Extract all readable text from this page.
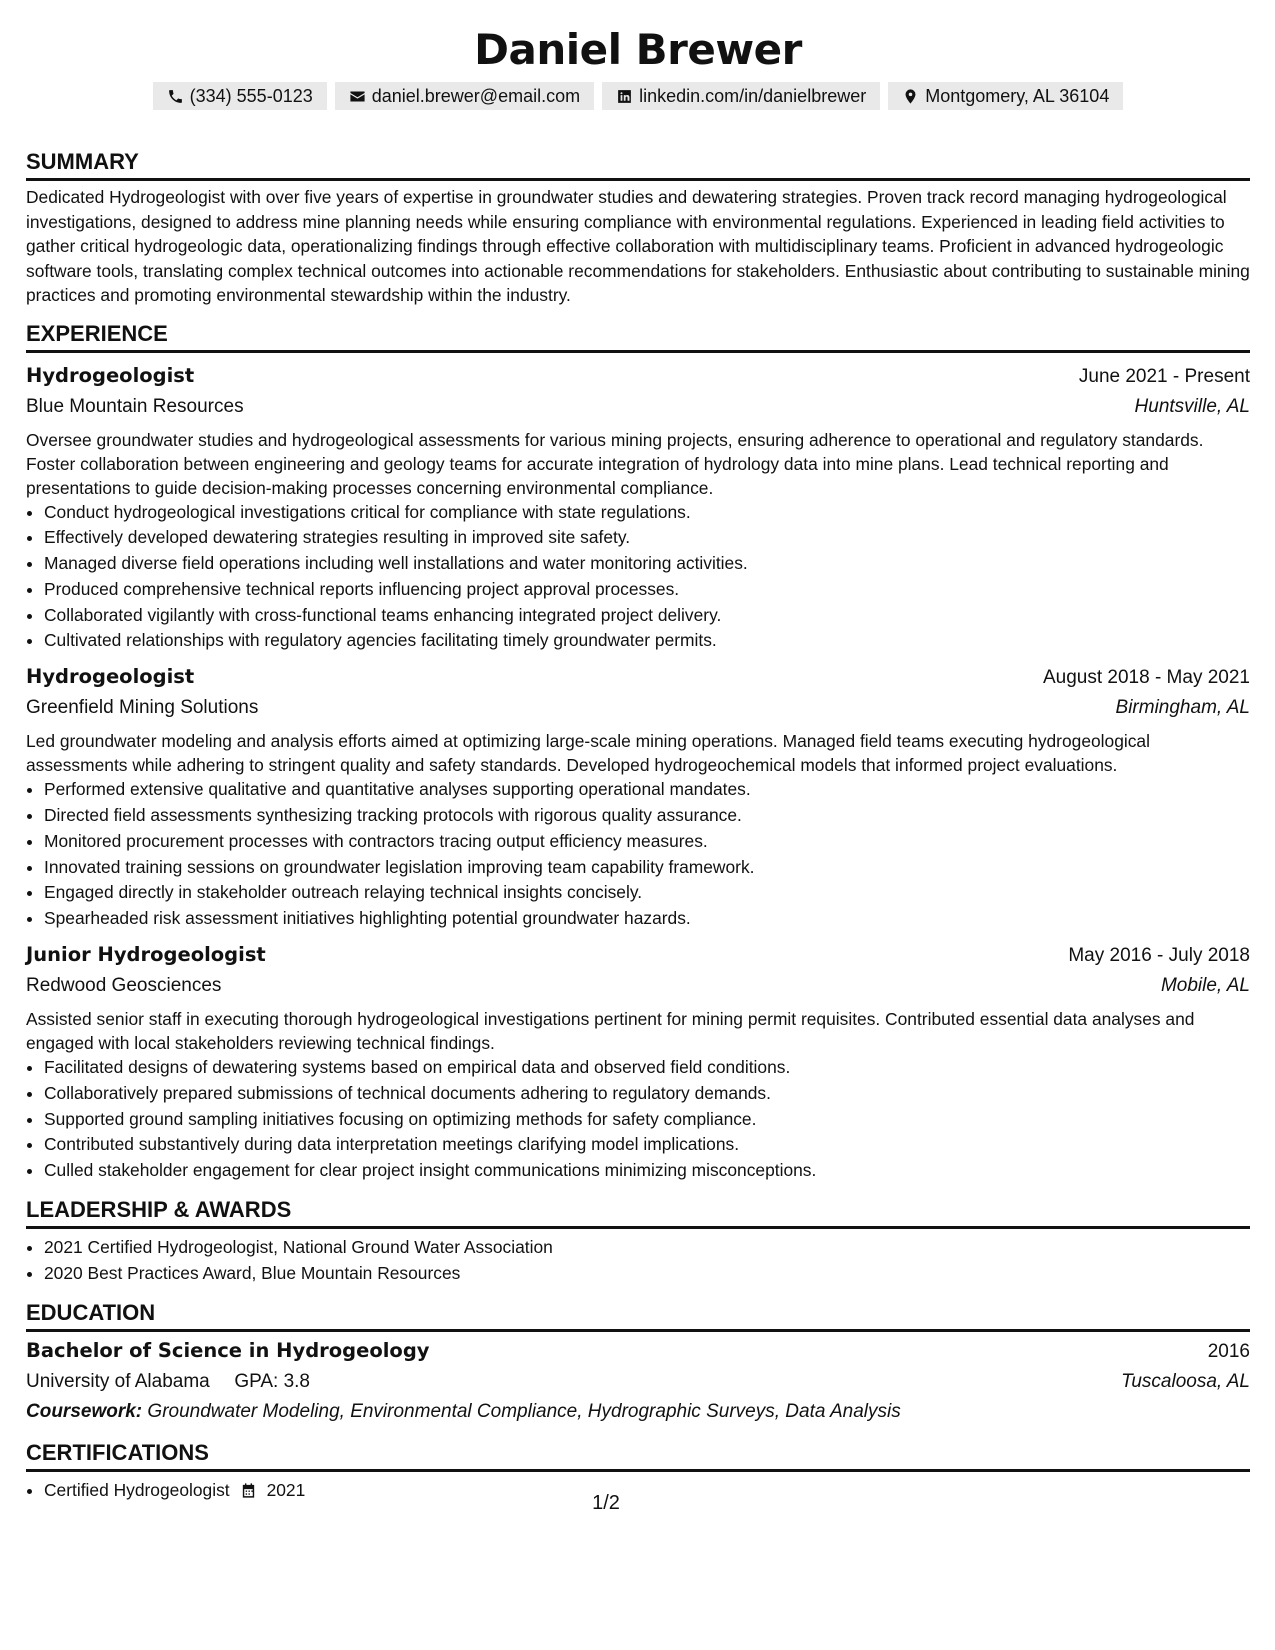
Daniel Brewer
(334) 555-0123	daniel.brewer@email.com	linkedin.com/in/danielbrewer	Montgomery, AL 36104
SUMMARY

Dedicated Hydrogeologist with over five years of expertise in groundwater studies and dewatering strategies. Proven track record managing hydrogeological investigations, designed to address mine planning needs while ensuring compliance with environmental regulations. Experienced in leading field activities to gather critical hydrogeologic data, operationalizing findings through effective collaboration with multidisciplinary teams. Proficient in advanced hydrogeologic software tools, translating complex technical outcomes into actionable recommendations for stakeholders. Enthusiastic about contributing to sustainable mining practices and promoting environmental stewardship within the industry.

EXPERIENCE
Hydrogeologist	June 2021 - Present
Blue Mountain Resources	Huntsville, AL

Oversee groundwater studies and hydrogeological assessments for various mining projects, ensuring adherence to operational and regulatory standards. Foster collaboration between engineering and geology teams for accurate integration of hydrology data into mine plans. Lead technical reporting and presentations to guide decision-making processes concerning environmental compliance.

• Conduct hydrogeological investigations critical for compliance with state regulations.
• Effectively developed dewatering strategies resulting in improved site safety.
• Managed diverse field operations including well installations and water monitoring activities.
• Produced comprehensive technical reports influencing project approval processes.
• Collaborated vigilantly with cross-functional teams enhancing integrated project delivery.
• Cultivated relationships with regulatory agencies facilitating timely groundwater permits.
Hydrogeologist	August 2018 - May 2021
Greenfield Mining Solutions	Birmingham, AL

Led groundwater modeling and analysis efforts aimed at optimizing large-scale mining operations. Managed field teams executing hydrogeological assessments while adhering to stringent quality and safety standards. Developed hydrogeochemical models that informed project evaluations.

• Performed extensive qualitative and quantitative analyses supporting operational mandates.
• Directed field assessments synthesizing tracking protocols with rigorous quality assurance.
• Monitored procurement processes with contractors tracing output efficiency measures.
• Innovated training sessions on groundwater legislation improving team capability framework.
• Engaged directly in stakeholder outreach relaying technical insights concisely.
• Spearheaded risk assessment initiatives highlighting potential groundwater hazards.
Junior Hydrogeologist	May 2016 - July 2018
Redwood Geosciences	Mobile, AL

Assisted senior staff in executing thorough hydrogeological investigations pertinent for mining permit requisites. Contributed essential data analyses and engaged with local stakeholders reviewing technical findings.

• Facilitated designs of dewatering systems based on empirical data and observed field conditions.
• Collaboratively prepared submissions of technical documents adhering to regulatory demands.
• Supported ground sampling initiatives focusing on optimizing methods for safety compliance.
• Contributed substantively during data interpretation meetings clarifying model implications.
• Culled stakeholder engagement for clear project insight communications minimizing misconceptions.
LEADERSHIP & AWARDS
• 2021 Certified Hydrogeologist, National Ground Water Association
• 2020 Best Practices Award, Blue Mountain Resources
EDUCATION
Bachelor of Science in Hydrogeology	2016
University of Alabama GPA: 3.8	Tuscaloosa, AL
Coursework: Groundwater Modeling, Environmental Compliance, Hydrographic Surveys, Data Analysis
CERTIFICATIONS
• Certified Hydrogeologist 2021
1/2
